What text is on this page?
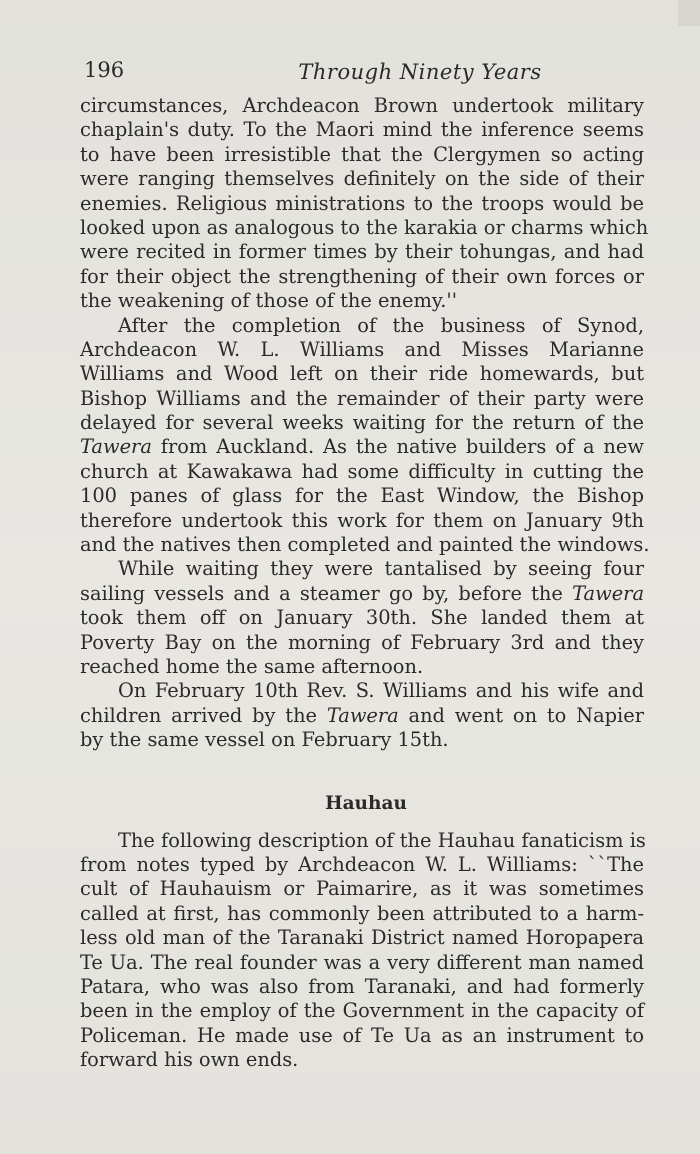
196	Through Ninety Years
circumstances, Archdeacon Brown undertook military
chaplain's duty. To the Maori mind the inference seems
to have been irresistible that the Clergymen so acting
were ranging themselves definitely on the side of their
enemies. Religious ministrations to the troops would be
looked upon as analogous to the karakia or charms which
were recited in former times by their tohungas, and had
for their object the strengthening of their own forces or
the weakening of those of the enemy.''
After the completion of the business of Synod,
Archdeacon W. L. Williams and Misses Marianne
Williams and Wood left on their ride homewards, but
Bishop Williams and the remainder of their party were
delayed for several weeks waiting for the return of the
Tawera from Auckland. As the native builders of a new
church at Kawakawa had some difficulty in cutting the
100 panes of glass for the East Window, the Bishop
therefore undertook this work for them on January 9th
and the natives then completed and painted the windows.
While waiting they were tantalised by seeing four
sailing vessels and a steamer go by, before the Tawera
took them off on January 30th. She landed them at
Poverty Bay on the morning of February 3rd and they
reached home the same afternoon.
On February 10th Rev. S. Williams and his wife and
children arrived by the Tawera and went on to Napier
by the same vessel on February 15th.
Hauhau
The following description of the Hauhau fanaticism is
from notes typed by Archdeacon W. L. Williams: ``The
cult of Hauhauism or Paimarire, as it was sometimes
called at first, has commonly been attributed to a harm-
less old man of the Taranaki District named Horopapera
Te Ua. The real founder was a very different man named
Patara, who was also from Taranaki, and had formerly
been in the employ of the Government in the capacity of
Policeman. He made use of Te Ua as an instrument to
forward his own ends.
